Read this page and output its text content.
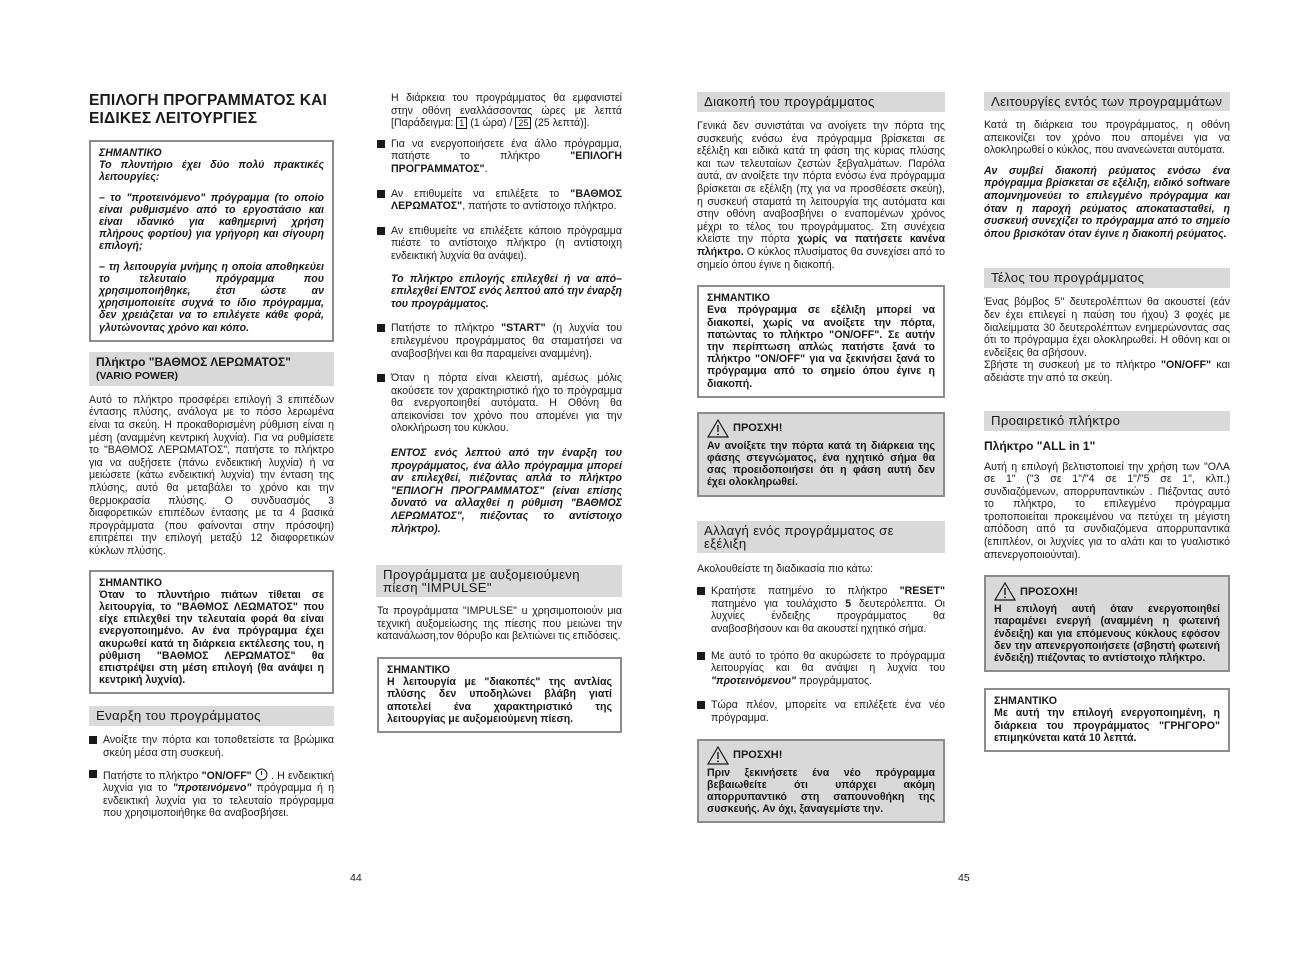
ΕΠΙΛΟΓΗ ΠΡΟΓΡΑΜΜΑΤΟΣ ΚΑΙ ΕΙΔΙΚΕΣ ΛΕΙΤΟΥΡΓΙΕΣ

ΣΗΜΑΝΤΙΚΟ

Το πλυντήριο έχει δύο πολύ πρακτικές λειτουργίες:

– το "προτεινόμενο" πρόγραμμα (το οποίο είναι ρυθμισμένο από το εργοστάσιο και είναι ιδανικό για καθημερινή χρήση πλήρους φορτίου) για γρήγορη και σίγουρη επιλογή;

– τη λειτουργία μνήμης η οποία αποθηκεύει το τελευταίο πρόγραμμα που χρησιμοποιήθηκε, έτσι ώστε αν χρησιμοποιείτε συχνά το ίδιο πρόγραμμα, δεν χρειάζεται να το επιλέγετε κάθε φορά, γλυτώνοντας χρόνο και κόπο.

Πλήκτρο "ΒΑΘΜΟΣ ΛΕΡΩΜΑΤΟΣ"
(VARIO POWER)

Αυτό το πλήκτρο προσφέρει επιλογή 3 επιπέδων έντασης πλύσης, ανάλογα με το πόσο λερωμένα είναι τα σκεύη. Η προκαθορισμένη ρύθμιση είναι η μέση (αναμμένη κεντρική λυχνία). Για να ρυθμίσετε το "ΒΑΘΜΟΣ ΛΕΡΩΜΑΤΟΣ", πατήστε το πλήκτρο για να αυξήσετε (πάνω ενδεικτική λυχνία) ή να μειώσετε (κάτω ενδεικτική λυχνία) την ένταση της πλύσης, αυτό θα μεταβάλει το χρόνο και την θερμοκρασία πλύσης. Ο συνδυασμός 3 διαφορετικών επιπέδων έντασης με τα 4 βασικά προγράμματα (που φαίνονται στην πρόσοψη) επιτρέπει την επιλογή μεταξύ 12 διαφορετικών κύκλων πλύσης.

ΣΗΜΑΝΤΙΚΟ

Όταν το πλυντήριο πιάτων τίθεται σε λειτουργία, το "ΒΑΘΜΟΣ ΛΕΩΜΑΤΟΣ" που είχε επιλεχθεί την τελευταία φορά θα είναι ενεργοποιημένο. Αν ένα πρόγραμμα έχει ακυρωθεί κατά τη διάρκεια εκτέλεσης του, η ρύθμιση "ΒΑΘΜΟΣ ΛΕΡΩΜΑΤΟΣ" θα επιστρέψει στη μέση επιλογή (θα ανάψει η κεντρική λυχνία).

Εναρξη του προγράμματος
Ανοίξτε την πόρτα και τοποθετείστε τα βρώμικα σκεύη μέσα στη συσκευή.
Πατήστε το πλήκτρο "ON/OFF" . Η ενδεικτική λυχνία για το "προτεινόμενο" πρόγραμμα ή η ενδεικτική λυχνία για το τελευταίο πρόγραμμα που χρησιμοποιήθηκε θα αναβοσβήσει.

Η διάρκεια του προγράμματος θα εμφανιστεί στην οθόνη εναλλάσσοντας ώρες με λεπτά [Παράδειγμα: 1 (1 ώρα) / 25 (25 λεπτά)].

Για να ενεργοποιήσετε ένα άλλο πρόγραμμα, πατήστε το πλήκτρο	"ΕΠΙΛΟΓΗ ΠΡΟΓΡΑΜΜΑΤΟΣ".
Αν επιθυμείτε να επιλέξετε το "ΒΑΘΜΟΣ ΛΕΡΩΜΑΤΟΣ", πατήστε το αντίστοιχο πλήκτρο.
Αν επιθυμείτε να επιλέξετε κάποιο πρόγραμμα πιέστε το αντίστοιχο πλήκτρο (η αντίστοιχη ενδεικτική λυχνία θα ανάψει).

Το πλήκτρο επιλογής επιλεχθεί ή να από–επιλεχθεί ΕΝΤΟΣ ενός λεπτού από την έναρξη του προγράμματος.

Πατήστε το πλήκτρο "START" (η λυχνία του επιλεγμένου προγράμματος θα σταματήσει να αναβοσβήνει και θα παραμείνει αναμμένη).
Όταν η πόρτα είναι κλειστή, αμέσως μόλις ακούσετε τον χαρακτηριστικό ήχο το πρόγραμμα θα ενεργοποιηθεί αυτόματα. Η Οθόνη θα απεικονίσει τον χρόνο που απομένει για την ολοκλήρωση του κύκλου.

ΕΝΤΟΣ ενός λεπτού από την έναρξη του προγράμματος, ένα άλλο πρόγραμμα μπορεί αν επιλεχθεί, πιέζοντας απλά το πλήκτρο "ΕΠΙΛΟΓΗ ΠΡΟΓΡΑΜΜΑΤΟΣ" (είναι επίσης δυνατό να αλλαχθεί η ρύθμιση "ΒΑΘΜΟΣ ΛΕΡΩΜΑΤΟΣ", πιέζοντας το αντίστοιχο πλήκτρο).

Προγράμματα με αυξομειούμενη πίεση "IMPULSE"

Τα προγράμματα "IMPULSE" u χρησιμοποιούν μια τεχνική αυξομείωσης της πίεσης που μειώνει την κατανάλωση,τον θόρυβο και βελτιώνει τις επιδόσεις.

ΣΗΜΑΝΤΙΚΟ

Η λειτουργία με "διακοπές" της αντλίας πλύσης δεν υποδηλώνει βλάβη γιατί αποτελεί ένα χαρακτηριστικό της λειτουργίας με αυξομειούμενη πίεση.

44
Διακοπή του προγράμματος

Γενικά δεν συνιστάται να ανοίγετε την πόρτα της συσκευής ενόσω ένα πρόγραμμα βρίσκεται σε εξέλιξη και ειδικά κατά τη φάση της κύριας πλύσης και των τελευταίων ζεστών ξεβγαλμάτων. Παρόλα αυτά, αν ανοίξετε την πόρτα ενόσω ένα πρόγραμμα βρίσκεται σε εξέλιξη (πχ για να προσθέσετε σκεύη), η συσκευή σταματά τη λειτουργία της αυτόματα και στην οθόνη αναβοσβήνει ο εναπομένων χρόνος μέχρι το τέλος του προγράμματος. Στη συνέχεια κλείστε την πόρτα χωρίς να πατήσετε κανένα πλήκτρο. Ο κύκλος πλυσίματος θα συνεχίσει από το σημείο όπου έγινε η διακοπή.

ΣΗΜΑΝΤΙΚΟ

Ενα πρόγραμμα σε εξέλιξη μπορεί να διακοπεί, χωρίς να ανοίξετε την πόρτα, πατώντας το πλήκτρο "ON/OFF". Σε αυτήν την περίπτωση απλώς πατήστε ξανά το πλήκτρο "ON/OFF" για να ξεκινήσει ξανά το πρόγραμμα από το σημείο όπου έγινε η διακοπή.

ΠΡΟΣΧΗ!

Αν ανοίξετε την πόρτα κατά τη διάρκεια της φάσης στεγνώματος, ένα ηχητικό σήμα θα σας προειδοποιήσει ότι η φάση αυτή δεν έχει ολοκληρωθεί.

Αλλαγή ενός προγράμματος σε εξέλιξη

Ακολουθείστε τη διαδικασία πιο κάτω:

Κρατήστε πατημένο το πλήκτρο "RESET" πατημένο για τουλάχιστο 5 δευτερόλεπτα. Οι λυχνίες ένδειξης προγράμματος θα αναβοσβήσουν και θα ακουστεί ηχητικό σήμα.
Με αυτό το τρόπο θα ακυρώσετε το πρόγραμμα λειτουργίας και θα ανάψει η λυχνία του "προτεινόμενου" προγράμματος.
Τώρα πλέον, μπορείτε να επιλέξετε ένα νέο πρόγραμμα.
ΠΡΟΣΧΗ!

Πριν ξεκινήσετε ένα νέο πρόγραμμα βεβαιωθείτε ότι υπάρχει ακόμη απορρυπαντικό στη σαπουνοθήκη της συσκευής. Αν όχι, ξαναγεμίστε την.

Λειτουργίες εντός των προγραμμάτων

Κατά τη διάρκεια του προγράμματος, η οθόνη απεικονίζει τον χρόνο που απομένει για να ολοκληρωθεί ο κύκλος, που ανανεώνεται αυτόματα.

Αν συμβεί διακοπή ρεύματος ενόσω ένα πρόγραμμα βρίσκεται σε εξέλιξη, ειδικό software απομνημονεύει το επιλεγμένο πρόγραμμα και όταν η παροχή ρεύματος αποκατασταθεί, η συσκευή συνεχίζει το πρόγραμμα από το σημείο όπου βρισκόταν όταν έγινε η διακοπή ρεύματος.

Τέλος του προγράμματος

Ένας βόμβος 5'' δευτερολέπτων θα ακουστεί (εάν δεν έχει επιλεγεί η παύση του ήχου) 3 φοχές με διαλείμματα 30 δευτερολέπτων ενημερώνοντας σας ότι το πρόγραμμα έχει ολοκληρωθεί. Η οθόνη και οι ενδείξεις θα σβήσουν.

Σβήστε τη συσκευή με το πλήκτρο "ON/OFF" και αδειάστε την από τα σκεύη.

Προαιρετικό πλήκτρο

Πλήκτρο "ALL in 1"

Αυτή η επιλογή βελτιστοποιεί την χρήση των "ΟΛΑ σε 1" ("3 σε 1"/"4 σε 1"/"5 σε 1", κλπ.) συνδιαζόμενων, απορρυπαντικών . Πιέζοντας αυτό το πλήκτρο, το επιλεγμένο πρόγραμμα τροποποιείται προκειμένου να πετύχει τη μέγιστη απόδοση από τα συνδιαζόμενα απορρυπαντικά (επιπλέον, οι λυχνίες για το αλάτι και το γυαλιστικό απενεργοποιούνται).

ΠΡΟΣΟΧΗ!

Η επιλογή αυτή όταν ενεργοποιηθεί παραμένει ενεργή (αναμμένη η φωτεινή ένδειξη) και για επόμενους κύκλους εφόσον δεν την απενεργοποιήσετε (σβηστή φωτεινή ένδειξη) πιέζοντας το αντίστοιχο πλήκτρο.

ΣΗΜΑΝΤΙΚΟ

Με αυτή την επιλογή ενεργοποιημένη, η διάρκεια του προγράμματος "ΓΡΗΓΟΡΟ" επιμηκύνεται κατά 10 λεπτά.

45
